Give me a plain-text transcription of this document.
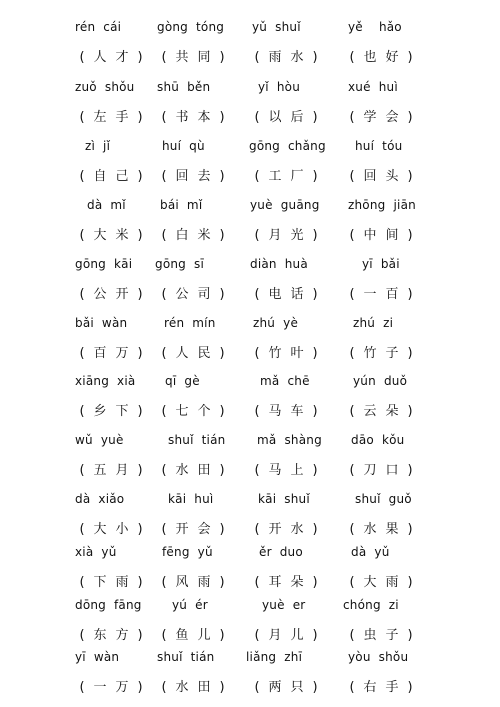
rén  cái
( 人 才 )
gòng  tóng
( 共 同 )
yǔ  shuǐ
( 雨 水 )
yě    hǎo
( 也 好 )
zuǒ  shǒu
( 左 手 )
shū  běn
( 书 本 )
yǐ  hòu
( 以 后 )
xué  huì
( 学 会 )
zì  jǐ
( 自 己 )
huí  qù
( 回 去 )
gōng  chǎng
( 工 厂 )
huí  tóu
( 回 头 )
dà  mǐ
( 大 米 )
bái  mǐ
( 白 米 )
yuè  guāng
( 月 光 )
zhōng  jiān
( 中 间 )
gōng  kāi
( 公 开 )
gōng  sī
( 公 司 )
diàn  huà
( 电 话 )
yī  bǎi
( 一 百 )
bǎi  wàn
( 百 万 )
rén  mín
( 人 民 )
zhú  yè
( 竹 叶 )
zhú  zi
( 竹 子 )
xiāng  xià
( 乡 下 )
qī  gè
( 七 个 )
mǎ  chē
( 马 车 )
yún  duǒ
( 云 朵 )
wǔ  yuè
( 五 月 )
shuǐ  tián
( 水 田 )
mǎ  shàng
( 马 上 )
dāo  kǒu
( 刀 口 )
dà  xiǎo
( 大 小 )
kāi  huì
( 开 会 )
kāi  shuǐ
( 开 水 )
shuǐ  guǒ
( 水 果 )
xià  yǔ
( 下 雨 )
fēng  yǔ
( 风 雨 )
ěr  duo
( 耳 朵 )
dà  yǔ
( 大 雨 )
dōng  fāng
( 东 方 )
yú  ér
( 鱼 儿 )
yuè  er
( 月 儿 )
chóng  zi
( 虫 子 )
yī  wàn
( 一 万 )
shuǐ  tián
( 水 田 )
liǎng  zhī
( 两 只 )
yòu  shǒu
( 右 手 )
